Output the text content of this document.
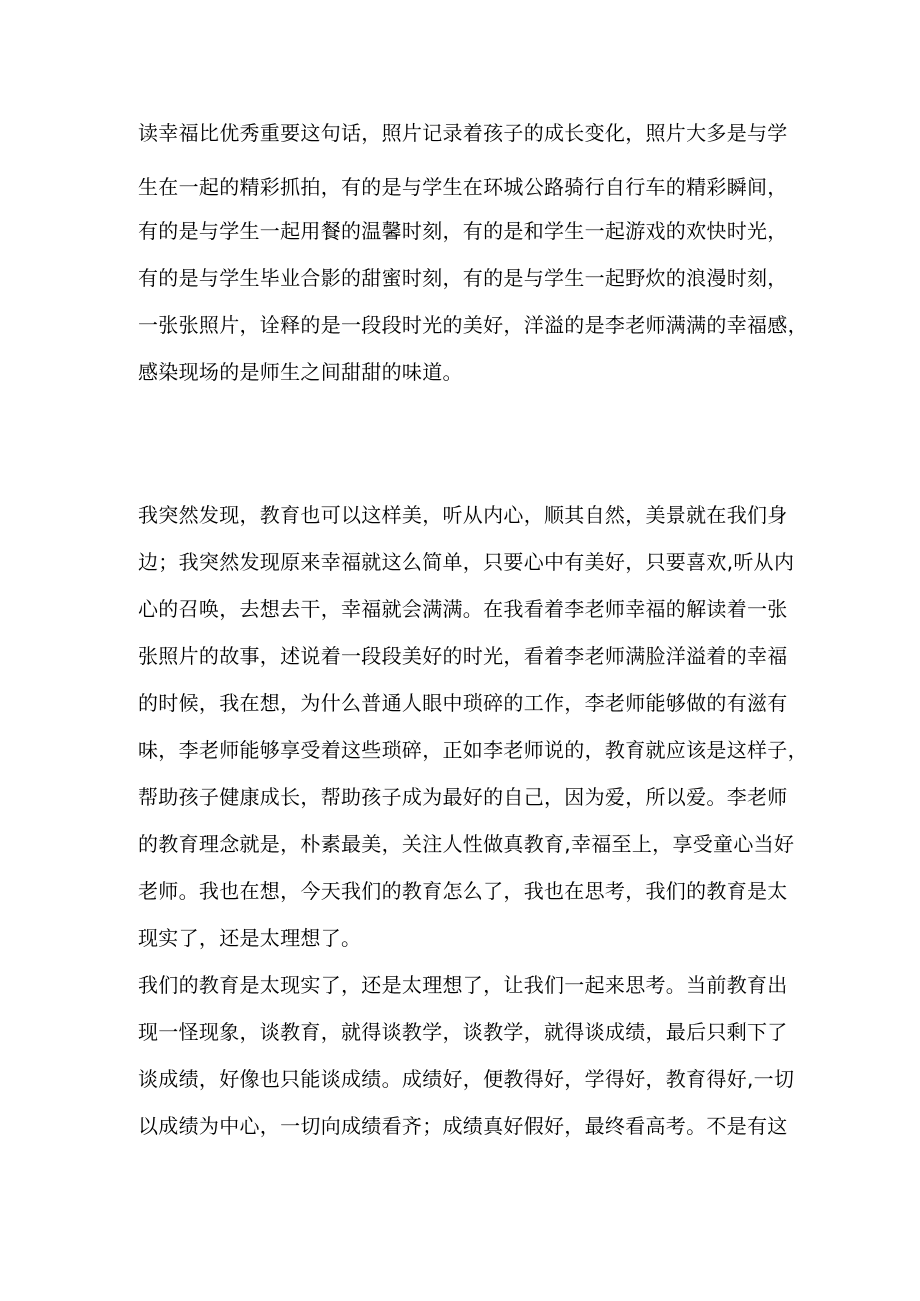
读幸福比优秀重要这句话，照片记录着孩子的成长变化，照片大多是与学
生在一起的精彩抓拍，有的是与学生在环城公路骑行自行车的精彩瞬间，
有的是与学生一起用餐的温馨时刻，有的是和学生一起游戏的欢快时光，
有的是与学生毕业合影的甜蜜时刻，有的是与学生一起野炊的浪漫时刻，
一张张照片，诠释的是一段段时光的美好，洋溢的是李老师满满的幸福感，
感染现场的是师生之间甜甜的味道。
我突然发现，教育也可以这样美，听从内心，顺其自然，美景就在我们身
边；我突然发现原来幸福就这么简单，只要心中有美好，只要喜欢,听从内
心的召唤，去想去干，幸福就会满满。在我看着李老师幸福的解读着一张
张照片的故事，述说着一段段美好的时光，看着李老师满脸洋溢着的幸福
的时候，我在想，为什么普通人眼中琐碎的工作，李老师能够做的有滋有
味，李老师能够享受着这些琐碎，正如李老师说的，教育就应该是这样子，
帮助孩子健康成长，帮助孩子成为最好的自己，因为爱，所以爱。李老师
的教育理念就是，朴素最美，关注人性做真教育,幸福至上，享受童心当好
老师。我也在想，今天我们的教育怎么了，我也在思考，我们的教育是太
现实了，还是太理想了。
我们的教育是太现实了，还是太理想了，让我们一起来思考。当前教育出
现一怪现象，谈教育，就得谈教学，谈教学，就得谈成绩，最后只剩下了
谈成绩，好像也只能谈成绩。成绩好，便教得好，学得好，教育得好,一切
以成绩为中心，一切向成绩看齐；成绩真好假好，最终看高考。不是有这
